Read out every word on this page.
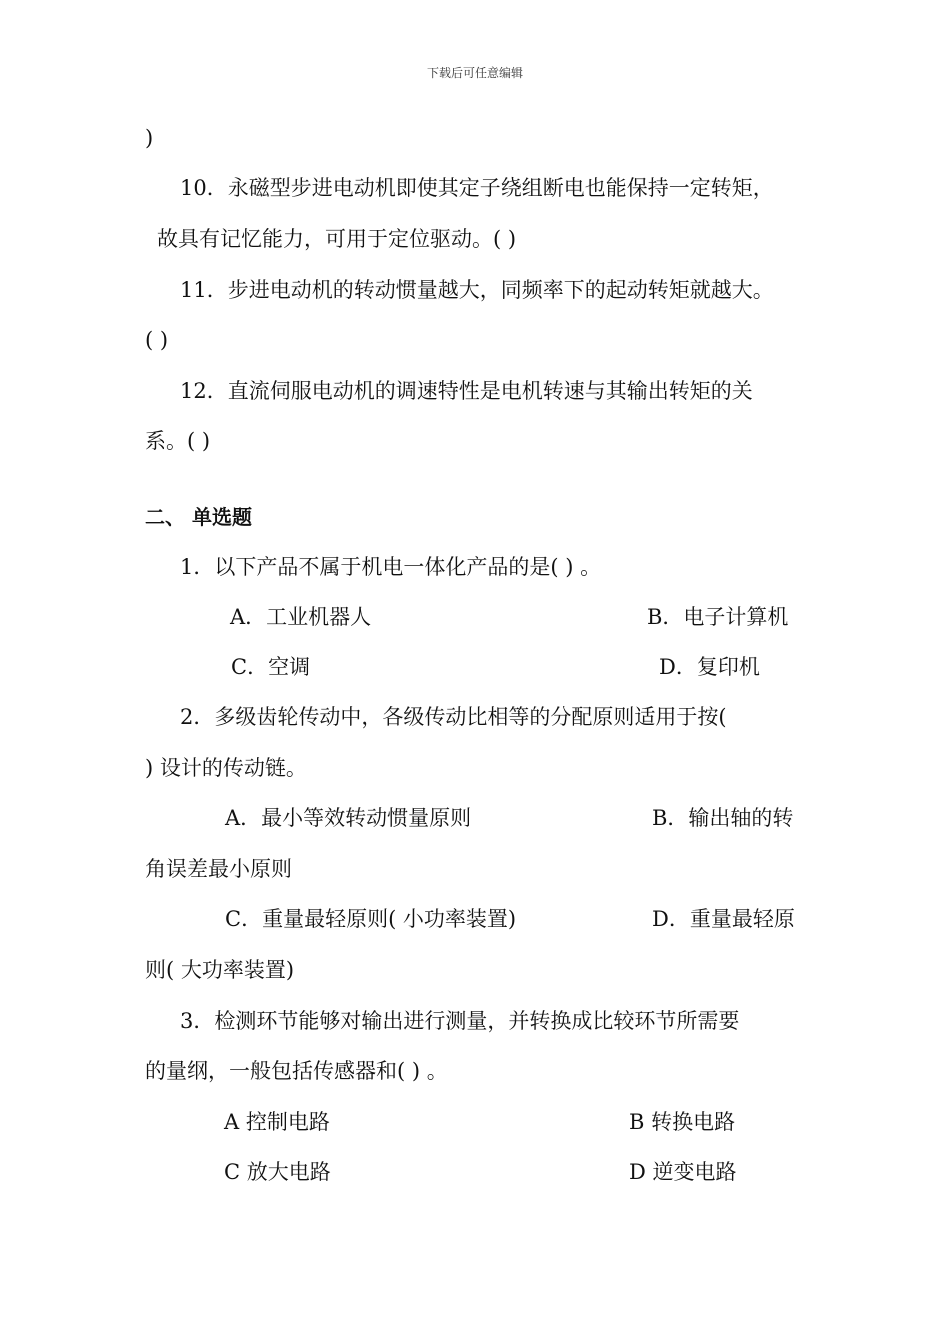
下载后可任意编辑
)
10．永磁型步进电动机即使其定子绕组断电也能保持一定转矩，
故具有记忆能力，可用于定位驱动。( )
11．步进电动机的转动惯量越大，同频率下的起动转矩就越大。
( )
12．直流伺服电动机的调速特性是电机转速与其输出转矩的关
系。( )
二、 单选题
1．以下产品不属于机电一体化产品的是( ) 。
A．工业机器人	B．电子计算机
C．空调	D．复印机
2．多级齿轮传动中，各级传动比相等的分配原则适用于按(
) 设计的传动链。
A．最小等效转动惯量原则	B．输出轴的转
角误差最小原则
C．重量最轻原则( 小功率装置)	D．重量最轻原
则( 大功率装置)
3．检测环节能够对输出进行测量，并转换成比较环节所需要
的量纲，一般包括传感器和( ) 。
A 控制电路	B 转换电路
C 放大电路	D 逆变电路
